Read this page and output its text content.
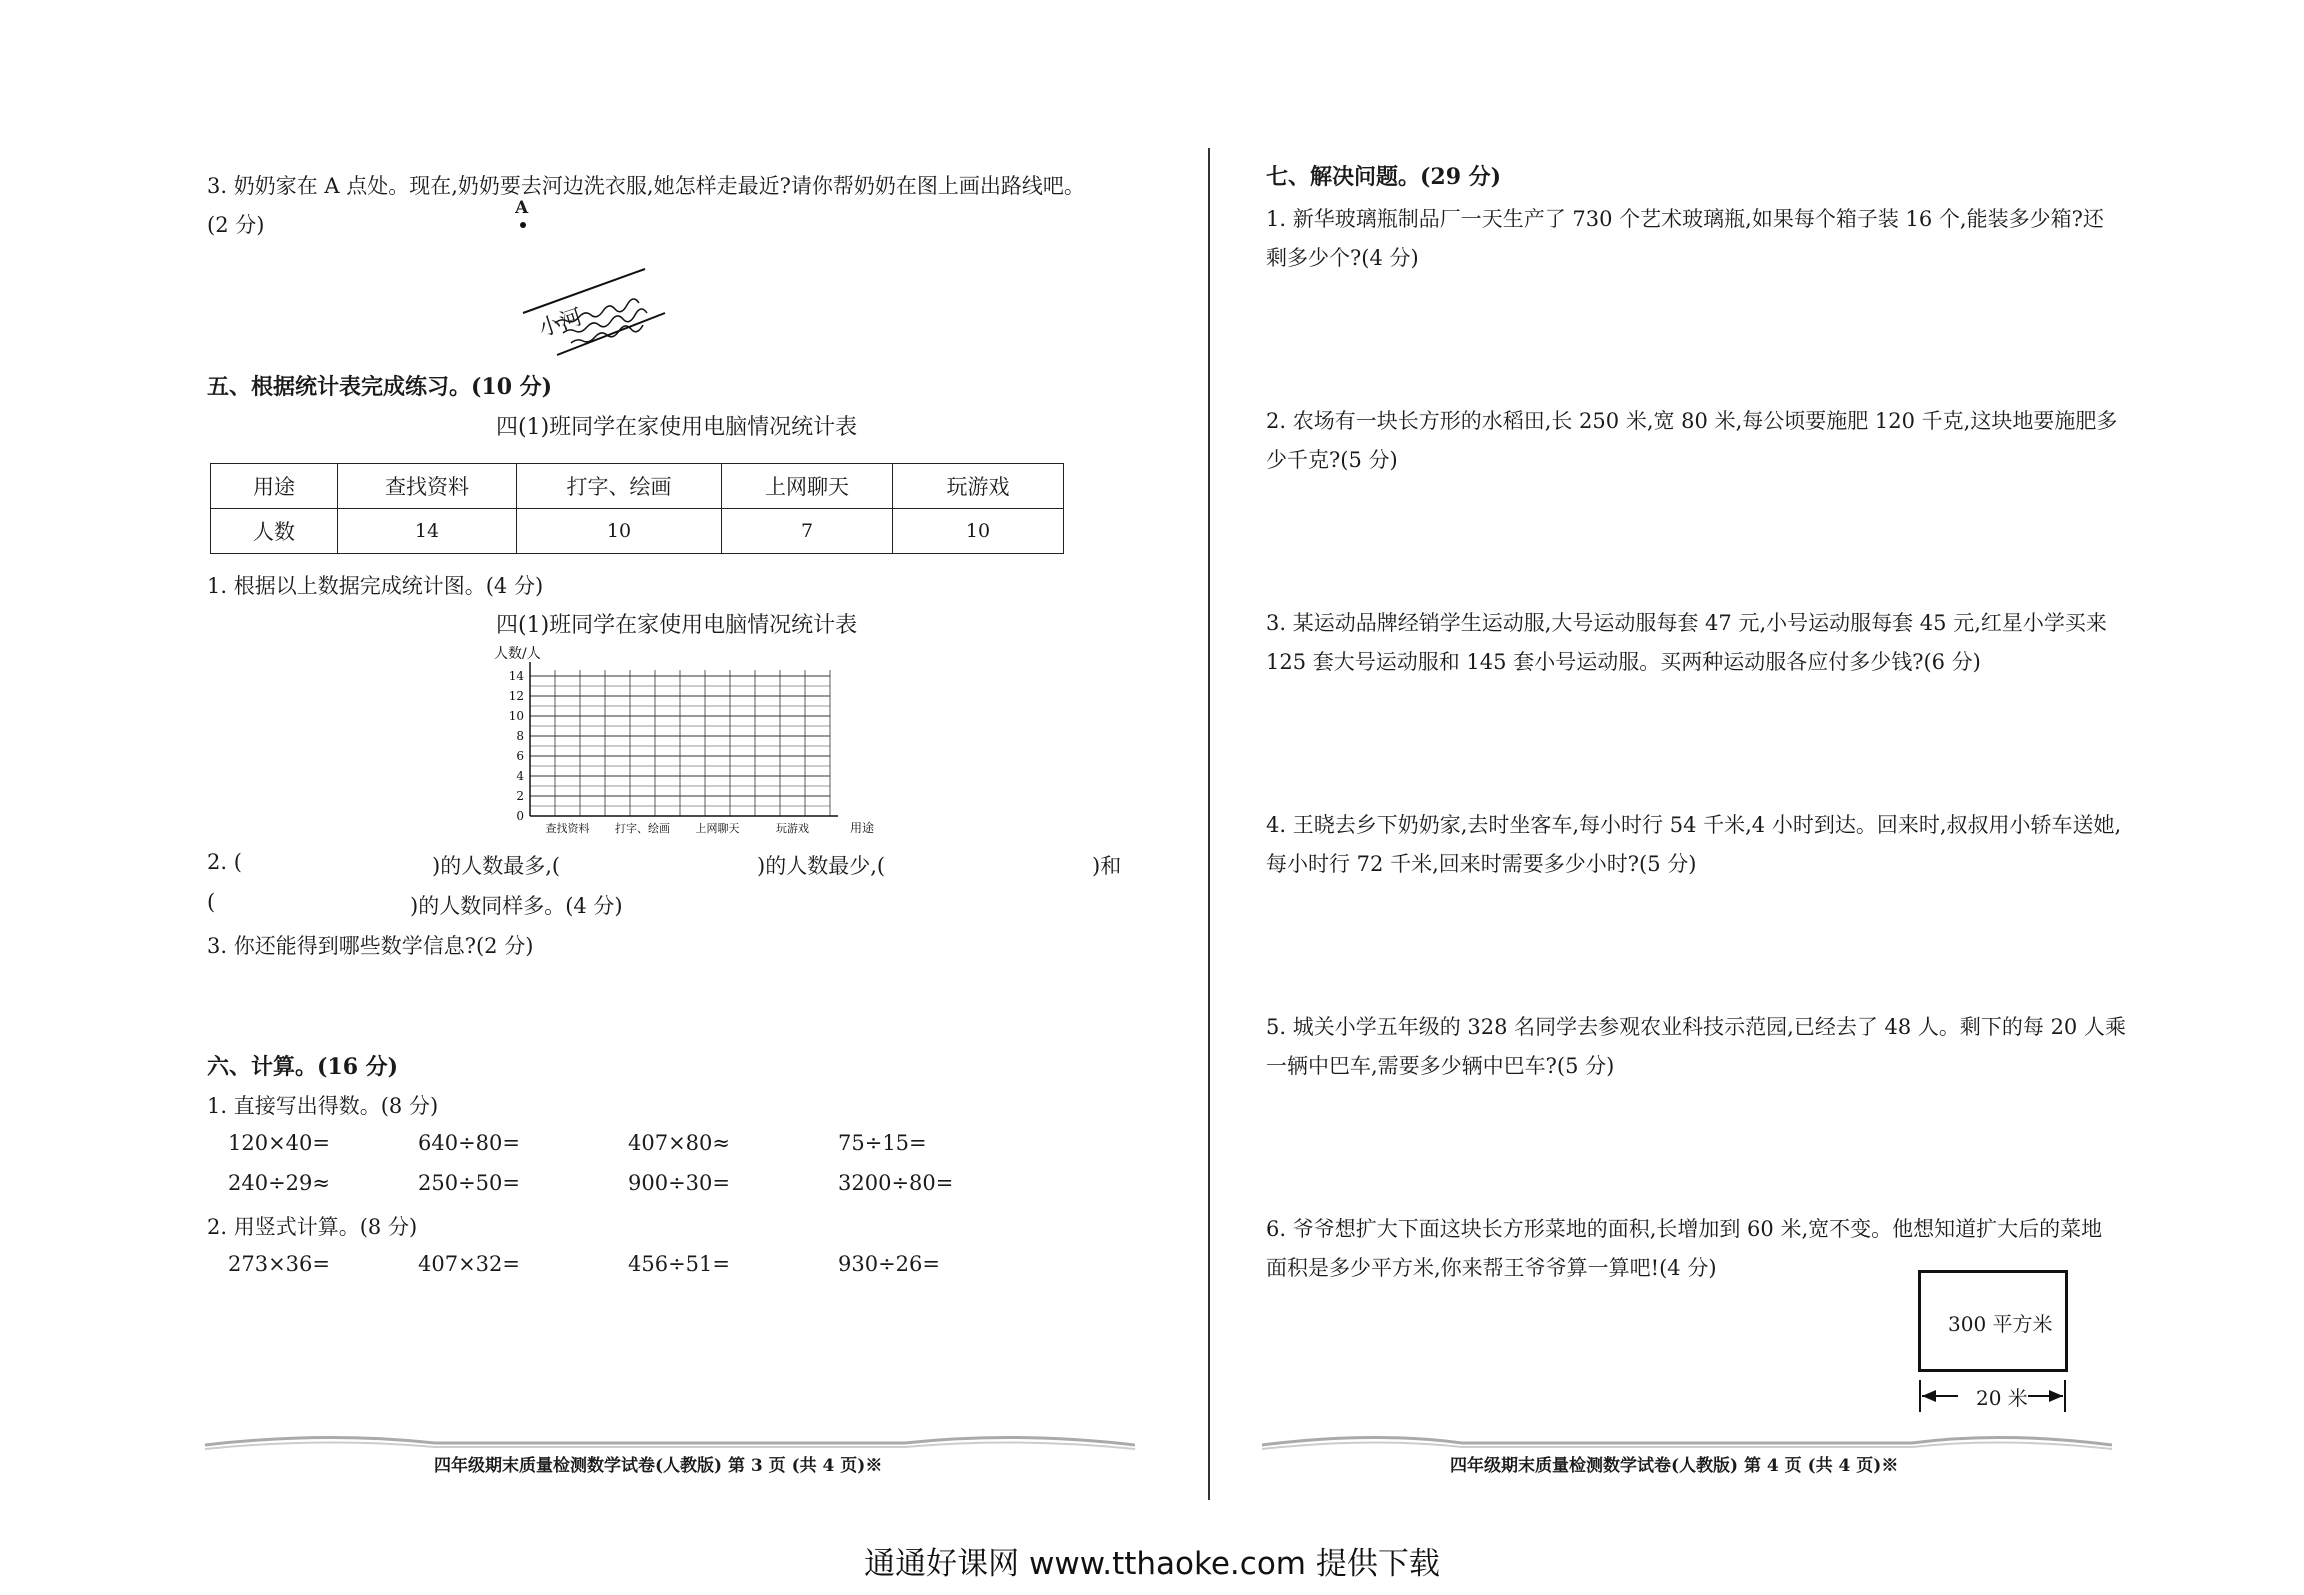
3. 奶奶家在 A 点处。现在,奶奶要去河边洗衣服,她怎样走最近?请你帮奶奶在图上画出路线吧。
(2 分)
A
小河
五、根据统计表完成练习。(10 分)
四(1)班同学在家使用电脑情况统计表
用途	查找资料	打字、绘画	上网聊天	玩游戏
人数	14	10	7	10
1. 根据以上数据完成统计图。(4 分)
四(1)班同学在家使用电脑情况统计表
0
2
4
6
8
10
12
14
人数/人
查找资料 打字、绘画 上网聊天	玩游戏	用途
2. (	)的人数最多,(	)的人数最少,(	)和
(	)的人数同样多。(4 分)
3. 你还能得到哪些数学信息?(2 分)
六、计算。(16 分)
1. 直接写出得数。(8 分)
120×40=	640÷80=	407×80≈	75÷15=
240÷29≈	250÷50=	900÷30=	3200÷80=
2. 用竖式计算。(8 分)
273×36=	407×32=	456÷51=	930÷26=
四年级期末质量检测数学试卷(人教版) 第 3 页 (共 4 页)※
七、解决问题。(29 分)
1. 新华玻璃瓶制品厂一天生产了 730 个艺术玻璃瓶,如果每个箱子装 16 个,能装多少箱?还
剩多少个?(4 分)
2. 农场有一块长方形的水稻田,长 250 米,宽 80 米,每公顷要施肥 120 千克,这块地要施肥多
少千克?(5 分)
3. 某运动品牌经销学生运动服,大号运动服每套 47 元,小号运动服每套 45 元,红星小学买来
125 套大号运动服和 145 套小号运动服。买两种运动服各应付多少钱?(6 分)
4. 王晓去乡下奶奶家,去时坐客车,每小时行 54 千米,4 小时到达。回来时,叔叔用小轿车送她,
每小时行 72 千米,回来时需要多少小时?(5 分)
5. 城关小学五年级的 328 名同学去参观农业科技示范园,已经去了 48 人。剩下的每 20 人乘
一辆中巴车,需要多少辆中巴车?(5 分)
6. 爷爷想扩大下面这块长方形菜地的面积,长增加到 60 米,宽不变。他想知道扩大后的菜地
面积是多少平方米,你来帮王爷爷算一算吧!(4 分)
300 平方米
20 米
四年级期末质量检测数学试卷(人教版) 第 4 页 (共 4 页)※
通通好课网 www.tthaoke.com 提供下载
